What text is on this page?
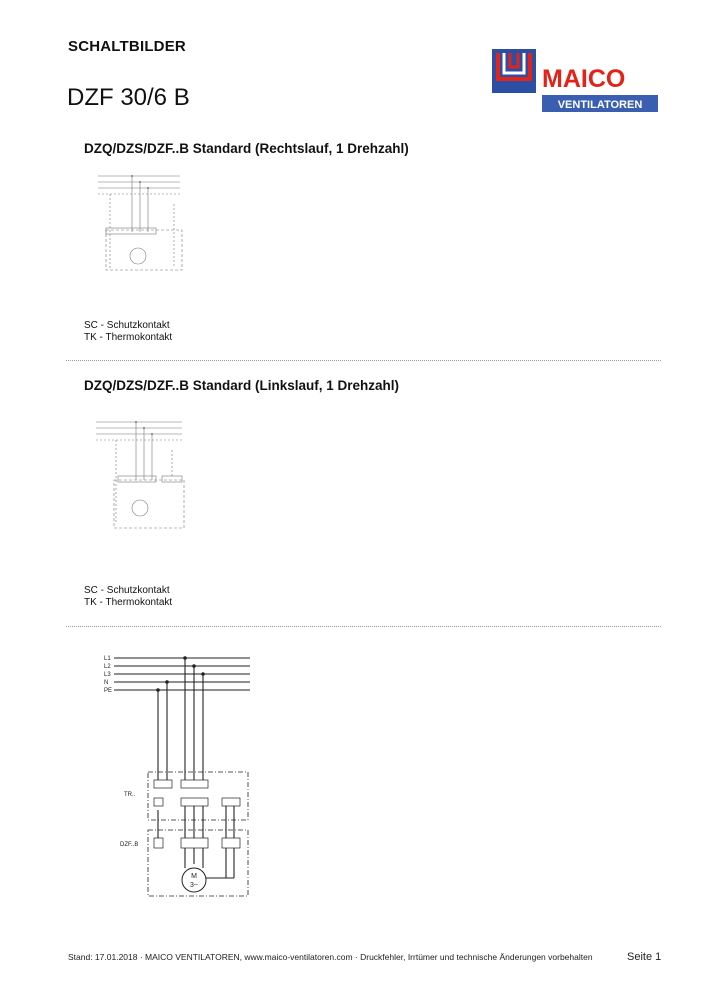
SCHALTBILDER
DZF 30/6 B
MAICO
VENTILATOREN
DZQ/DZS/DZF..B Standard (Rechtslauf, 1 Drehzahl)
SC - Schutzkontakt
TK - Thermokontakt
DZQ/DZS/DZF..B Standard (Linkslauf, 1 Drehzahl)
SC - Schutzkontakt
TK - Thermokontakt
L1
L2
L3
N
PE
TR..
DZF..B
M
3~
Stand: 17.01.2018 · MAICO VENTILATOREN, www.maico-ventilatoren.com · Druckfehler, Irrtümer und technische Änderungen vorbehalten	Seite 1
